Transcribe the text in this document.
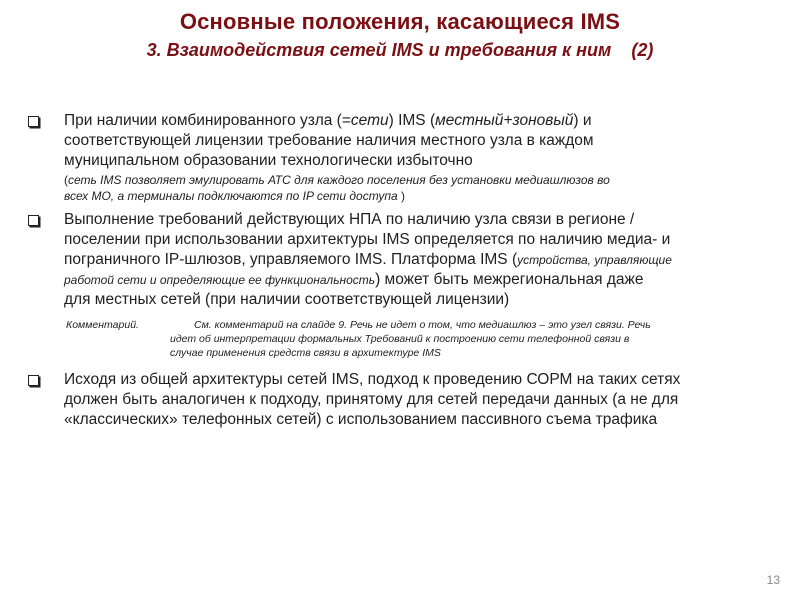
Основные положения, касающиеся IMS
3. Взаимодействия сетей IMS и требования к ним    (2)
При наличии комбинированного узла (=сети) IMS (местный+зоновый) и
соответствующей лицензии требование наличия местного узла в каждом
муниципальном образовании технологически избыточно
(сеть IMS позволяет эмулировать АТС для каждого поселения без установки медиашлюзов во
всех МО, а терминалы подключаются по IP сети доступа )
Выполнение требований действующих НПА по наличию узла связи в регионе /
поселении при использовании архитектуры IMS определяется по наличию медиа- и
пограничного IP-шлюзов, управляемого IMS. Платформа IMS (устройства, управляющие
работой сети и определяющие ее функциональность) может быть межрегиональная даже
для местных сетей (при наличии соответствующей лицензии)
Комментарий.	См. комментарий на слайде 9. Речь не идет о том, что медиашлюз – это узел связи. Речь
идет об интерпретации формальных Требований к построению сети телефонной связи в
случае применения средств связи в архитектуре IMS
Исходя из общей архитектуры сетей IMS, подход к проведению СОРМ на таких сетях
должен быть аналогичен к подходу, принятому для сетей передачи данных (а не для
«классических» телефонных сетей) с использованием пассивного съема трафика
13
